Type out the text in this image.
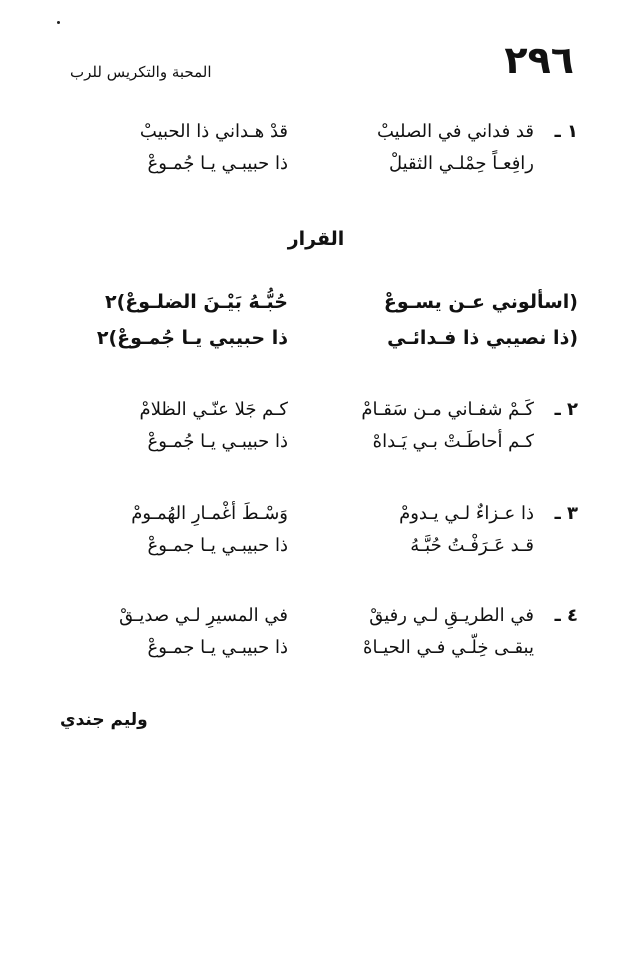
٢٩٦
المحبة والتكريس للرب
١ ـ
قد فداني في الصليبْ
قدْ هـداني ذا الحبيبْ
رافِعـاً حِمْلـي الثقيلْ
ذا حبيبـي يـا جُمـوعْ
القرار
(اسألوني عـن يسـوعْ
حُبُّـهُ بَيْـنَ الضلـوعْ)٢
(ذا نصيبي ذا فـدائـي
ذا حبيبي يـا جُمـوعْ)٢
٢ ـ
كَـمْ شفـاني مـن سَقـامْ
كـم جَلا عنّـي الظلامْ
كـم أحاطَـتْ بـي يَـداهْ
ذا حبيبـي يـا جُمـوعْ
٣ ـ
ذا عـزاءٌ لـي يـدومْ
وَسْـطَ أغْمـارِ الهُمـومْ
قـد عَـرَفْـتُ حُبَّـهُ
ذا حبيبـي يـا جمـوعْ
٤ ـ
في الطريـقِ لـي رفيقْ
في المسيرِ لـي صديـقْ
يبقـى خِلّـي فـي الحيـاهْ
ذا حبيبـي يـا جمـوعْ
وليم جندي
